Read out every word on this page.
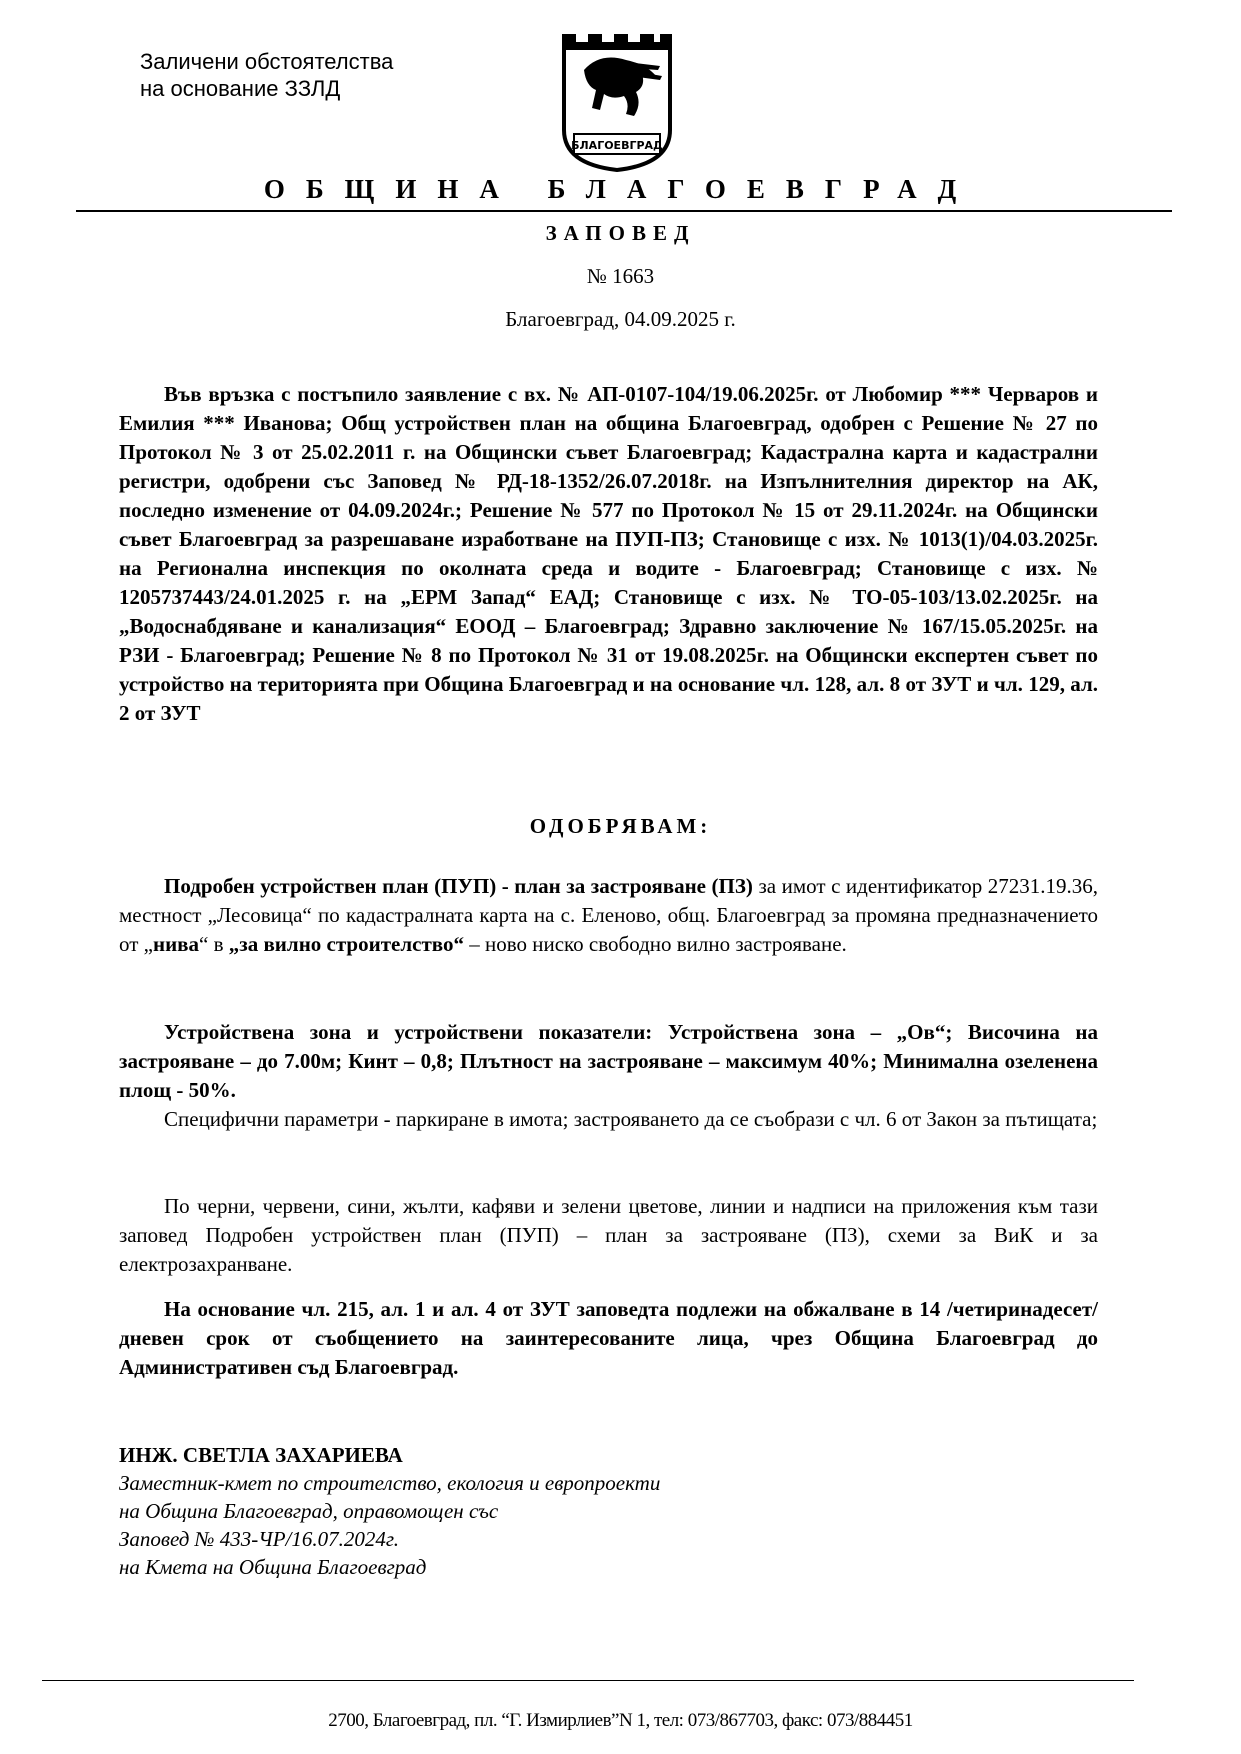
Заличени обстоятелства
на основание ЗЗЛД
БЛАГОЕВГРАД
ОБЩИНА БЛАГОЕВГРАД
ЗАПОВЕД
№ 1663
Благоевград, 04.09.2025 г.

Във връзка с постъпило заявление с вх. № АП-0107-104/19.06.2025г. от Любомир *** Черваров и Емилия *** Иванова; Общ устройствен план на община Благоевград, одобрен с Решение № 27 по Протокол № 3 от 25.02.2011 г. на Общински съвет Благоевград; Кадастрална карта и кадастрални регистри, одобрени със Заповед № РД-18-1352/26.07.2018г. на Изпълнителния директор на АК, последно изменение от 04.09.2024г.; Решение № 577 по Протокол № 15 от 29.11.2024г. на Общински съвет Благоевград за разрешаване изработване на ПУП-ПЗ; Становище с изх. № 1013(1)/04.03.2025г. на Регионална инспекция по околната среда и водите - Благоевград; Становище с изх. № 1205737443/24.01.2025 г. на „ЕРМ Запад“ ЕАД; Становище с изх. № ТО-05-103/13.02.2025г. на „Водоснабдяване и канализация“ ЕООД – Благоевград; Здравно заключение № 167/15.05.2025г. на РЗИ - Благоевград; Решение № 8 по Протокол № 31 от 19.08.2025г. на Общински експертен съвет по устройство на територията при Община Благоевград и на основание чл. 128, ал. 8 от ЗУТ и чл. 129, ал. 2 от ЗУТ

ОДОБРЯВАМ:

Подробен устройствен план (ПУП) - план за застрояване (ПЗ) за имот с идентификатор 27231.19.36, местност „Лесовица“ по кадастралната карта на с. Еленово, общ. Благоевград за промяна предназначението от „нива“ в „за вилно строителство“ – ново ниско свободно вилно застрояване.

Устройствена зона и устройствени показатели: Устройствена зона – „Ов“; Височина на застрояване – до 7.00м; Кинт – 0,8; Плътност на застрояване – максимум 40%; Минимална озеленена площ - 50%.

Специфични параметри - паркиране в имота; застрояването да се съобрази с чл. 6 от Закон за пътищата;

По черни, червени, сини, жълти, кафяви и зелени цветове, линии и надписи на приложения към тази заповед Подробен устройствен план (ПУП) – план за застрояване (ПЗ), схеми за ВиК и за електрозахранване.

На основание чл. 215, ал. 1 и ал. 4 от ЗУТ заповедта подлежи на обжалване в 14 /четиринадесет/ дневен срок от съобщението на заинтересованите лица, чрез Община Благоевград до Административен съд Благоевград.

ИНЖ. СВЕТЛА ЗАХАРИЕВА
Заместник-кмет по строителство, екология и европроекти
на Община Благоевград, оправомощен със
Заповед № 433-ЧР/16.07.2024г.
на Кмета на Община Благоевград
2700, Благоевград, пл. “Г. Измирлиев”N 1, тел: 073/867703, факс: 073/884451
